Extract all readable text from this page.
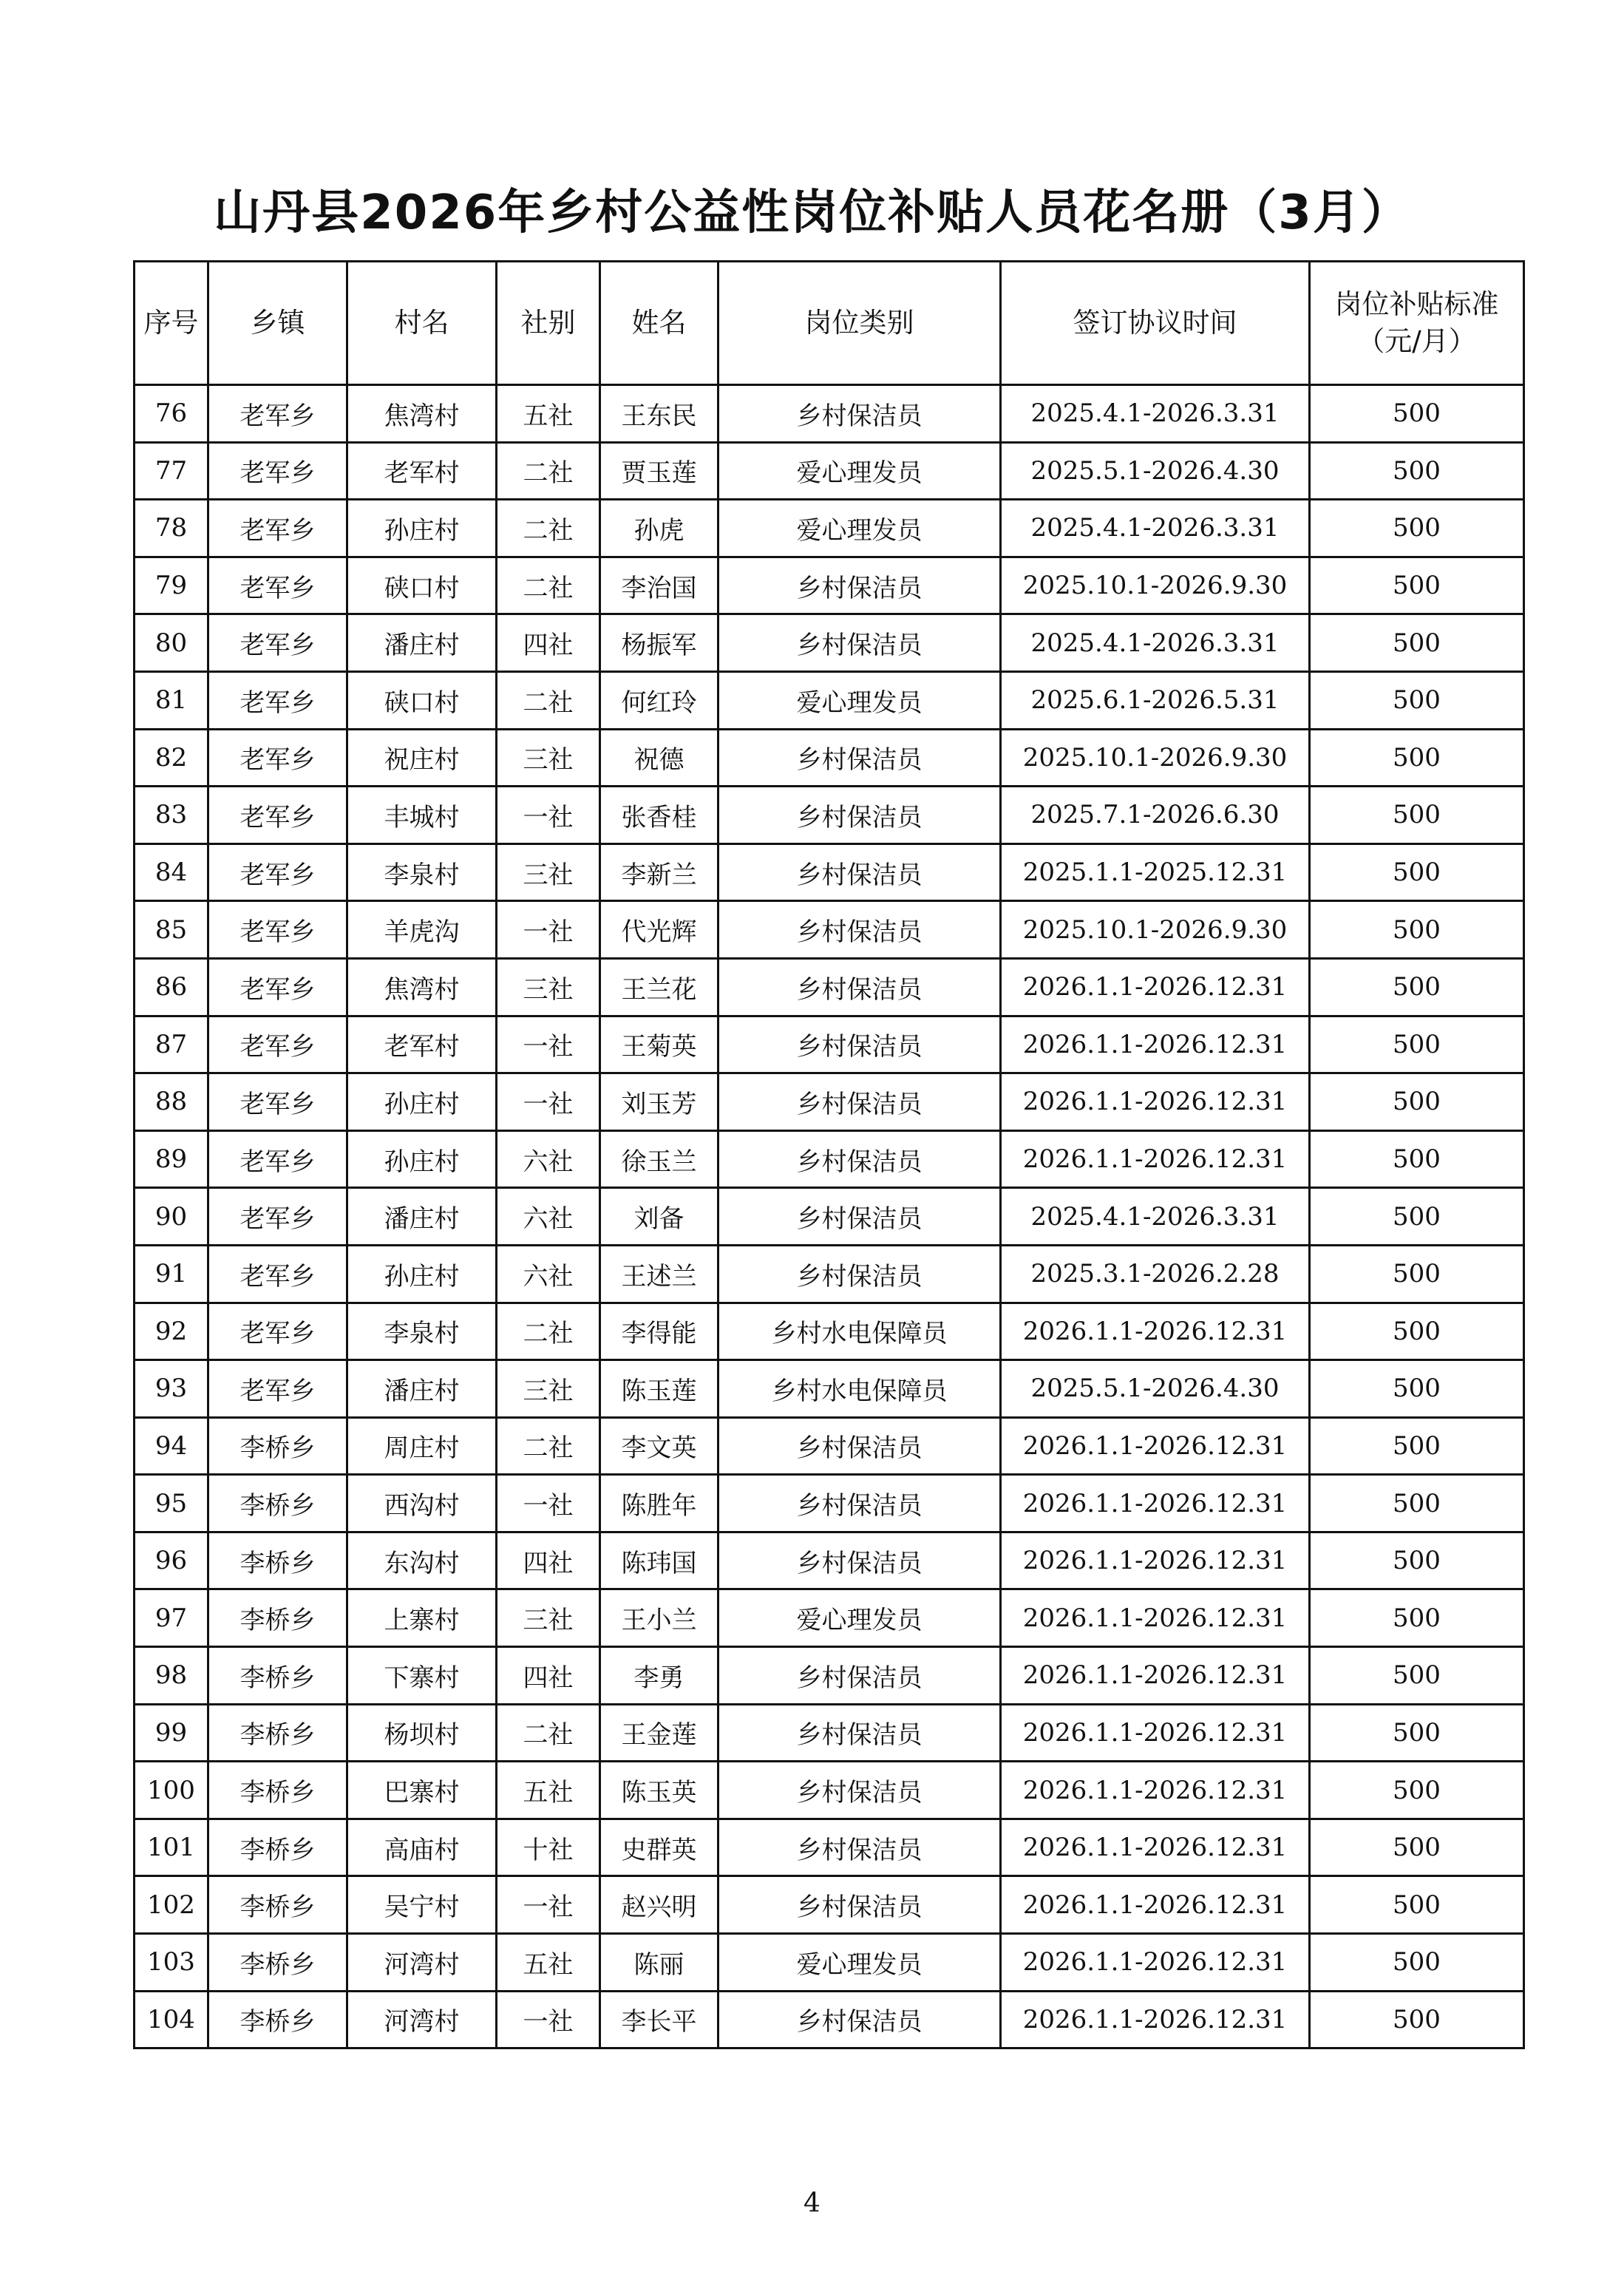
山丹县2026年乡村公益性岗位补贴人员花名册（3月）
序号	乡镇	村名	社别	姓名	岗位类别	签订协议时间	岗位补贴标准（元/月）
76	老军乡	焦湾村	五社	王东民	乡村保洁员	2025.4.1-2026.3.31	500
77	老军乡	老军村	二社	贾玉莲	爱心理发员	2025.5.1-2026.4.30	500
78	老军乡	孙庄村	二社	孙虎	爱心理发员	2025.4.1-2026.3.31	500
79	老军乡	硖口村	二社	李治国	乡村保洁员	2025.10.1-2026.9.30	500
80	老军乡	潘庄村	四社	杨振军	乡村保洁员	2025.4.1-2026.3.31	500
81	老军乡	硖口村	二社	何红玲	爱心理发员	2025.6.1-2026.5.31	500
82	老军乡	祝庄村	三社	祝德	乡村保洁员	2025.10.1-2026.9.30	500
83	老军乡	丰城村	一社	张香桂	乡村保洁员	2025.7.1-2026.6.30	500
84	老军乡	李泉村	三社	李新兰	乡村保洁员	2025.1.1-2025.12.31	500
85	老军乡	羊虎沟	一社	代光辉	乡村保洁员	2025.10.1-2026.9.30	500
86	老军乡	焦湾村	三社	王兰花	乡村保洁员	2026.1.1-2026.12.31	500
87	老军乡	老军村	一社	王菊英	乡村保洁员	2026.1.1-2026.12.31	500
88	老军乡	孙庄村	一社	刘玉芳	乡村保洁员	2026.1.1-2026.12.31	500
89	老军乡	孙庄村	六社	徐玉兰	乡村保洁员	2026.1.1-2026.12.31	500
90	老军乡	潘庄村	六社	刘备	乡村保洁员	2025.4.1-2026.3.31	500
91	老军乡	孙庄村	六社	王述兰	乡村保洁员	2025.3.1-2026.2.28	500
92	老军乡	李泉村	二社	李得能	乡村水电保障员	2026.1.1-2026.12.31	500
93	老军乡	潘庄村	三社	陈玉莲	乡村水电保障员	2025.5.1-2026.4.30	500
94	李桥乡	周庄村	二社	李文英	乡村保洁员	2026.1.1-2026.12.31	500
95	李桥乡	西沟村	一社	陈胜年	乡村保洁员	2026.1.1-2026.12.31	500
96	李桥乡	东沟村	四社	陈玮国	乡村保洁员	2026.1.1-2026.12.31	500
97	李桥乡	上寨村	三社	王小兰	爱心理发员	2026.1.1-2026.12.31	500
98	李桥乡	下寨村	四社	李勇	乡村保洁员	2026.1.1-2026.12.31	500
99	李桥乡	杨坝村	二社	王金莲	乡村保洁员	2026.1.1-2026.12.31	500
100	李桥乡	巴寨村	五社	陈玉英	乡村保洁员	2026.1.1-2026.12.31	500
101	李桥乡	高庙村	十社	史群英	乡村保洁员	2026.1.1-2026.12.31	500
102	李桥乡	吴宁村	一社	赵兴明	乡村保洁员	2026.1.1-2026.12.31	500
103	李桥乡	河湾村	五社	陈丽	爱心理发员	2026.1.1-2026.12.31	500
104	李桥乡	河湾村	一社	李长平	乡村保洁员	2026.1.1-2026.12.31	500
4
